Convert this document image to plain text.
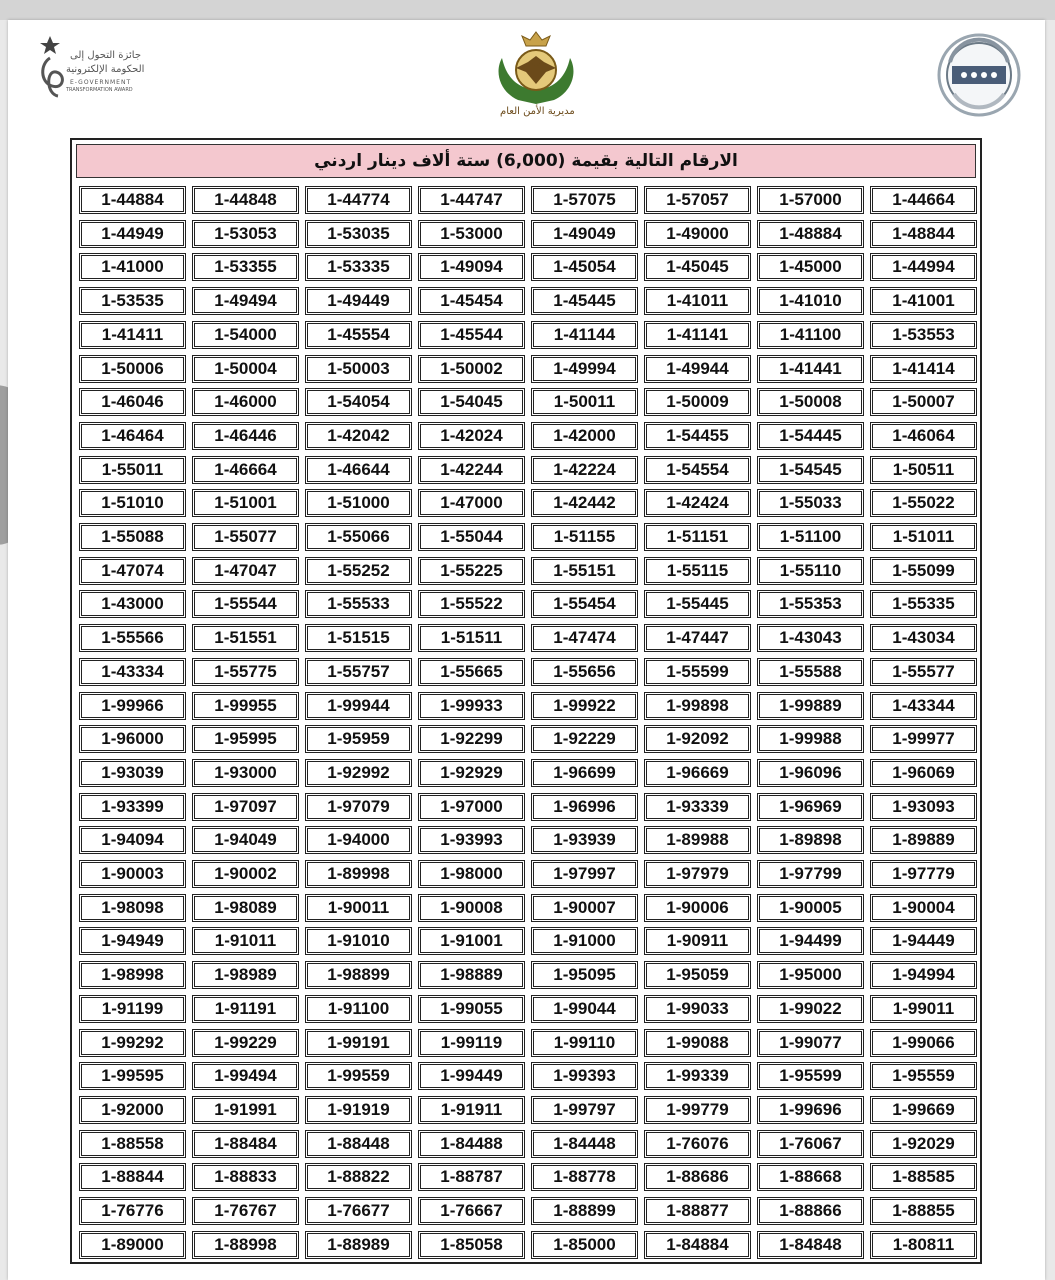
جائزة التحول إلى
الحكومة الإلكترونية
E-GOVERNMENT
TRANSFORMATION AWARD
مديرية الأمن العام
الارقام التالية بقيمة (6,000) ستة ألاف دينار اردني
1-44664
1-57000
1-57057
1-57075
1-44747
1-44774
1-44848
1-44884
1-48844
1-48884
1-49000
1-49049
1-53000
1-53035
1-53053
1-44949
1-44994
1-45000
1-45045
1-45054
1-49094
1-53335
1-53355
1-41000
1-41001
1-41010
1-41011
1-45445
1-45454
1-49449
1-49494
1-53535
1-53553
1-41100
1-41141
1-41144
1-45544
1-45554
1-54000
1-41411
1-41414
1-41441
1-49944
1-49994
1-50002
1-50003
1-50004
1-50006
1-50007
1-50008
1-50009
1-50011
1-54045
1-54054
1-46000
1-46046
1-46064
1-54445
1-54455
1-42000
1-42024
1-42042
1-46446
1-46464
1-50511
1-54545
1-54554
1-42224
1-42244
1-46644
1-46664
1-55011
1-55022
1-55033
1-42424
1-42442
1-47000
1-51000
1-51001
1-51010
1-51011
1-51100
1-51151
1-51155
1-55044
1-55066
1-55077
1-55088
1-55099
1-55110
1-55115
1-55151
1-55225
1-55252
1-47047
1-47074
1-55335
1-55353
1-55445
1-55454
1-55522
1-55533
1-55544
1-43000
1-43034
1-43043
1-47447
1-47474
1-51511
1-51515
1-51551
1-55566
1-55577
1-55588
1-55599
1-55656
1-55665
1-55757
1-55775
1-43334
1-43344
1-99889
1-99898
1-99922
1-99933
1-99944
1-99955
1-99966
1-99977
1-99988
1-92092
1-92229
1-92299
1-95959
1-95995
1-96000
1-96069
1-96096
1-96669
1-96699
1-92929
1-92992
1-93000
1-93039
1-93093
1-96969
1-93339
1-96996
1-97000
1-97079
1-97097
1-93399
1-89889
1-89898
1-89988
1-93939
1-93993
1-94000
1-94049
1-94094
1-97779
1-97799
1-97979
1-97997
1-98000
1-89998
1-90002
1-90003
1-90004
1-90005
1-90006
1-90007
1-90008
1-90011
1-98089
1-98098
1-94449
1-94499
1-90911
1-91000
1-91001
1-91010
1-91011
1-94949
1-94994
1-95000
1-95059
1-95095
1-98889
1-98899
1-98989
1-98998
1-99011
1-99022
1-99033
1-99044
1-99055
1-91100
1-91191
1-91199
1-99066
1-99077
1-99088
1-99110
1-99119
1-99191
1-99229
1-99292
1-95559
1-95599
1-99339
1-99393
1-99449
1-99559
1-99494
1-99595
1-99669
1-99696
1-99779
1-99797
1-91911
1-91919
1-91991
1-92000
1-92029
1-76067
1-76076
1-84448
1-84488
1-88448
1-88484
1-88558
1-88585
1-88668
1-88686
1-88778
1-88787
1-88822
1-88833
1-88844
1-88855
1-88866
1-88877
1-88899
1-76667
1-76677
1-76767
1-76776
1-80811
1-84848
1-84884
1-85000
1-85058
1-88989
1-88998
1-89000
